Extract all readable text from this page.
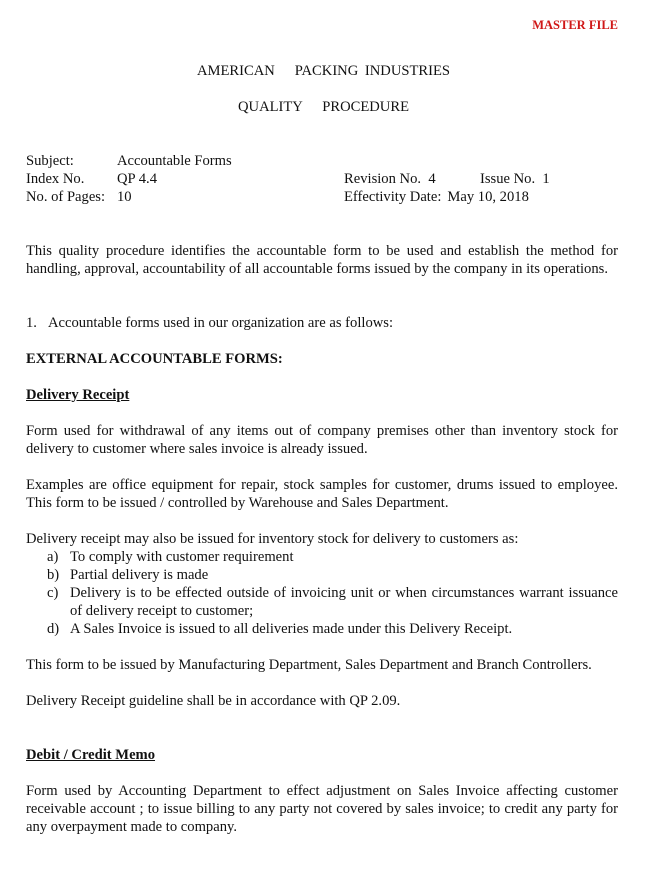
MASTER FILE
AMERICAN   PACKING INDUSTRIES
QUALITY   PROCEDURE
Subject:	Accountable Forms
Index No.	QP 4.4	Revision No.  4	Issue No.  1
No. of Pages: 10	Effectivity Date: May 10, 2018

This quality procedure identifies the accountable form to be used and establish the method for handling, approval, accountability of all accountable forms issued by the company in its operations.

1. Accountable forms used in our organization are as follows:
EXTERNAL ACCOUNTABLE FORMS:
Delivery Receipt

Form used for withdrawal of any items out of company premises other than inventory stock for delivery to customer where sales invoice is already issued.

Examples are office equipment for repair, stock samples for customer, drums issued to employee. This form to be issued / controlled by Warehouse and Sales Department.

Delivery receipt may also be issued for inventory stock for delivery to customers as:

a) To comply with customer requirement
b) Partial delivery is made
c) Delivery is to be effected outside of invoicing unit or when circumstances warrant issuance of delivery receipt to customer;
d) A Sales Invoice is issued to all deliveries made under this Delivery Receipt.

This form to be issued by Manufacturing Department, Sales Department and Branch Controllers.

Delivery Receipt guideline shall be in accordance with QP 2.09.

Debit / Credit Memo

Form used by Accounting Department to effect adjustment on Sales Invoice affecting customer receivable account ; to issue billing to any party not covered by sales invoice; to credit any party for any overpayment made to company.
